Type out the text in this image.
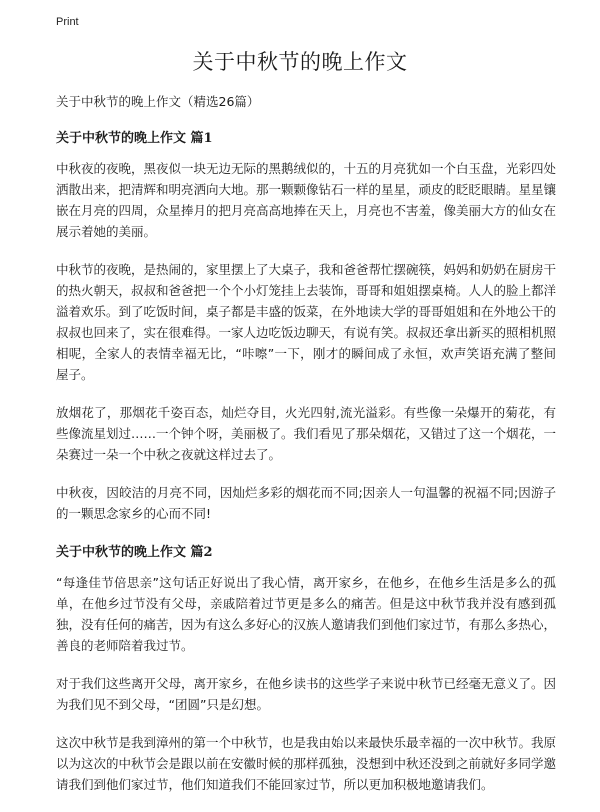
Print
关于中秋节的晚上作文

关于中秋节的晚上作文（精选26篇）

关于中秋节的晚上作文 篇1

中秋夜的夜晚，黑夜似一块无边无际的黑鹅绒似的，十五的月亮犹如一个白玉盘，光彩四处洒散出来，把清辉和明亮洒向大地。那一颗颗像钻石一样的星星，顽皮的眨眨眼睛。星星镶嵌在月亮的四周，众星捧月的把月亮高高地捧在天上，月亮也不害羞，像美丽大方的仙女在展示着她的美丽。

中秋节的夜晚，是热闹的，家里摆上了大桌子，我和爸爸帮忙摆碗筷，妈妈和奶奶在厨房干的热火朝天，叔叔和爸爸把一个个小灯笼挂上去装饰，哥哥和姐姐摆桌椅。人人的脸上都洋溢着欢乐。到了吃饭时间，桌子都是丰盛的饭菜，在外地读大学的哥哥姐姐和在外地公干的叔叔也回来了，实在很难得。一家人边吃饭边聊天，有说有笑。叔叔还拿出新买的照相机照相呢，全家人的表情幸福无比，“咔嚓”一下，刚才的瞬间成了永恒，欢声笑语充满了整间屋子。

放烟花了，那烟花千姿百态，灿烂夺目，火光四射,流光溢彩。有些像一朵爆开的菊花，有些像流星划过……一个钟个呀，美丽极了。我们看见了那朵烟花，又错过了这一个烟花，一朵赛过一朵一个中秋之夜就这样过去了。

中秋夜，因皎洁的月亮不同，因灿烂多彩的烟花而不同;因亲人一句温馨的祝福不同;因游子的一颗思念家乡的心而不同!

关于中秋节的晚上作文 篇2

“每逢佳节倍思亲”这句话正好说出了我心情，离开家乡，在他乡，在他乡生活是多么的孤单，在他乡过节没有父母，亲戚陪着过节更是多么的痛苦。但是这中秋节我并没有感到孤独，没有任何的痛苦，因为有这么多好心的汉族人邀请我们到他们家过节，有那么多热心，善良的老师陪着我过节。

对于我们这些离开父母，离开家乡，在他乡读书的这些学子来说中秋节已经毫无意义了。因为我们见不到父母，“团圆”只是幻想。

这次中秋节是我到漳州的第一个中秋节，也是我由始以来最快乐最幸福的一次中秋节。我原以为这次的中秋节会是跟以前在安徽时候的那样孤独，没想到中秋还没到之前就好多同学邀请我们到他们家过节，他们知道我们不能回家过节，所以更加积极地邀请我们。
